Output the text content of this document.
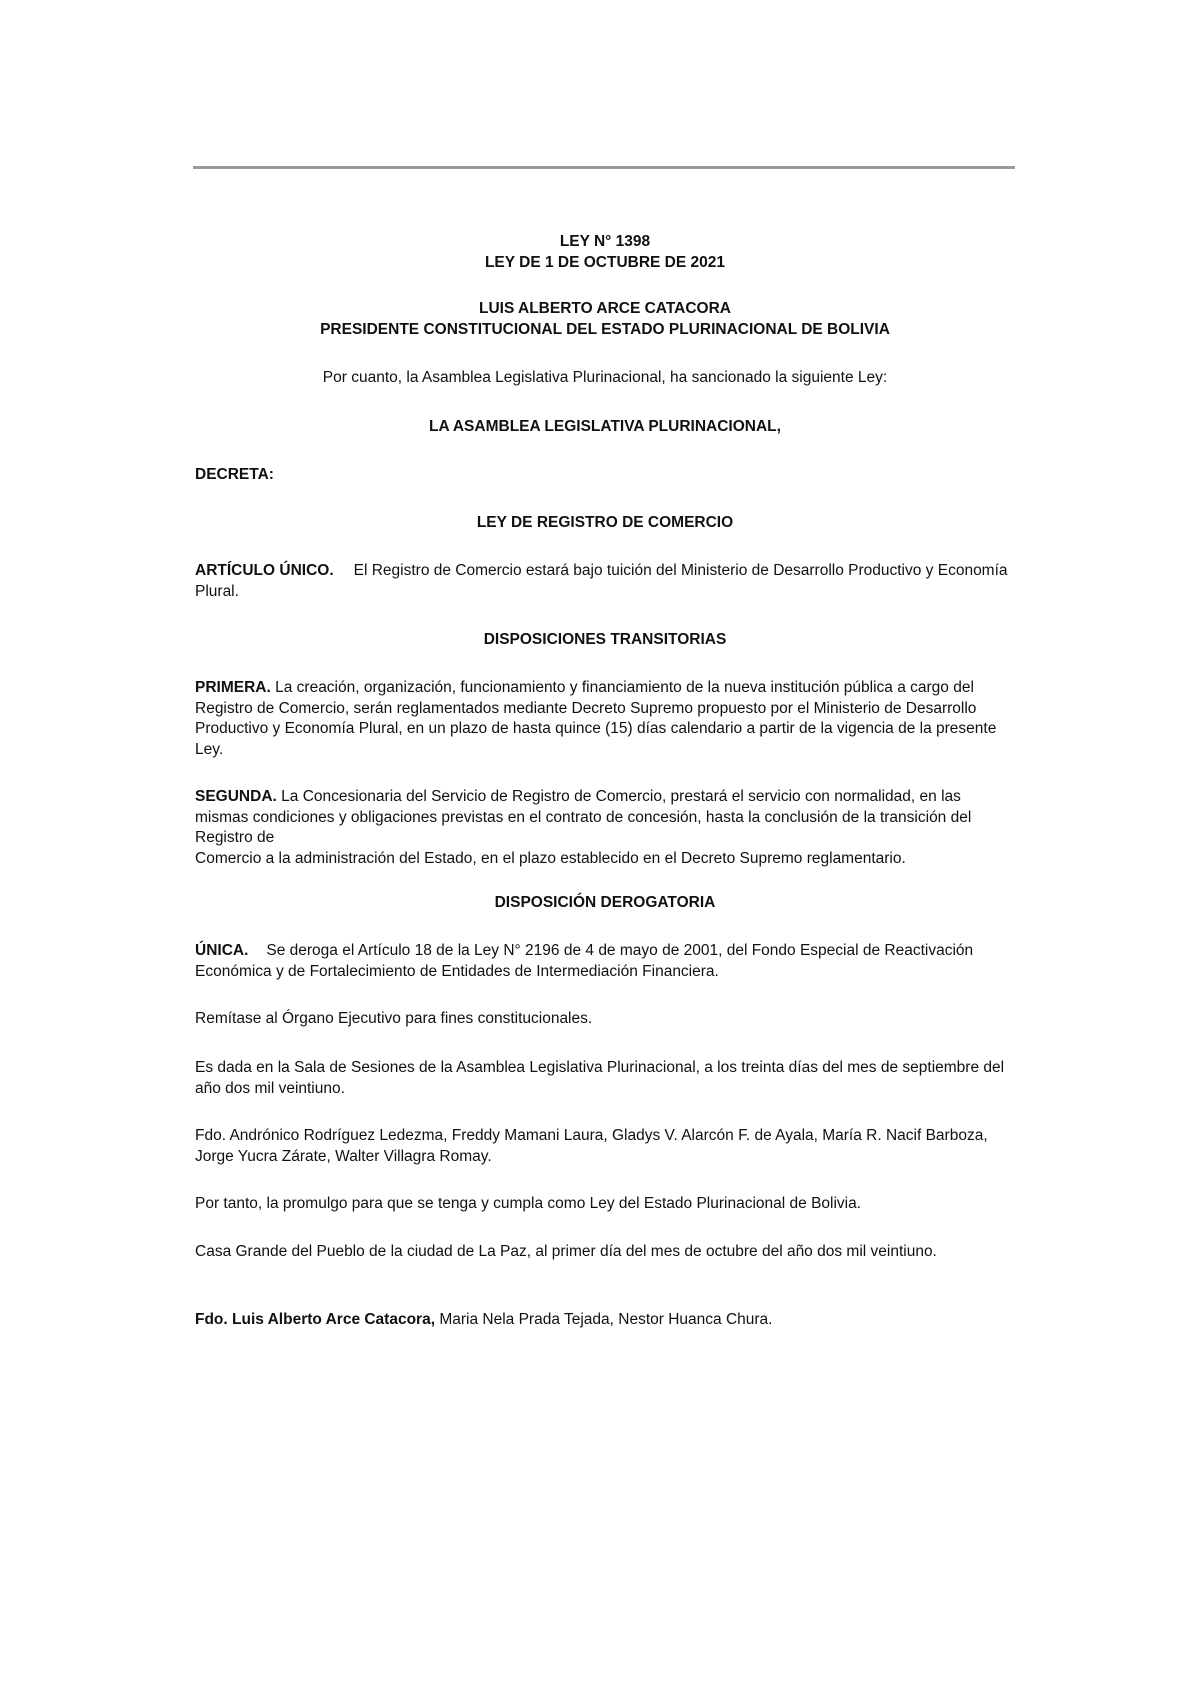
LEY N° 1398
LEY DE 1 DE OCTUBRE DE 2021
LUIS ALBERTO ARCE CATACORA
PRESIDENTE CONSTITUCIONAL DEL ESTADO PLURINACIONAL DE BOLIVIA

Por cuanto, la Asamblea Legislativa Plurinacional, ha sancionado la siguiente Ley:

LA ASAMBLEA LEGISLATIVA PLURINACIONAL,

DECRETA:

LEY DE REGISTRO DE COMERCIO

ARTÍCULO ÚNICO. El Registro de Comercio estará bajo tuición del Ministerio de Desarrollo Productivo y Economía Plural.

DISPOSICIONES TRANSITORIAS

PRIMERA. La creación, organización, funcionamiento y financiamiento de la nueva institución pública a cargo del Registro de Comercio, serán reglamentados mediante Decreto Supremo propuesto por el Ministerio de Desarrollo Productivo y Economía Plural, en un plazo de hasta quince (15) días calendario a partir de la vigencia de la presente Ley.

SEGUNDA. La Concesionaria del Servicio de Registro de Comercio, prestará el servicio con normalidad, en las mismas condiciones y obligaciones previstas en el contrato de concesión, hasta la conclusión de la transición del Registro de
Comercio a la administración del Estado, en el plazo establecido en el Decreto Supremo reglamentario.

DISPOSICIÓN DEROGATORIA

ÚNICA. Se deroga el Artículo 18 de la Ley N° 2196 de 4 de mayo de 2001, del Fondo Especial de Reactivación Económica y de Fortalecimiento de Entidades de Intermediación Financiera.

Remítase al Órgano Ejecutivo para fines constitucionales.

Es dada en la Sala de Sesiones de la Asamblea Legislativa Plurinacional, a los treinta días del mes de septiembre del año dos mil veintiuno.

Fdo. Andrónico Rodríguez Ledezma, Freddy Mamani Laura, Gladys V. Alarcón F. de Ayala, María R. Nacif Barboza, Jorge Yucra Zárate, Walter Villagra Romay.

Por tanto, la promulgo para que se tenga y cumpla como Ley del Estado Plurinacional de Bolivia.

Casa Grande del Pueblo de la ciudad de La Paz, al primer día del mes de octubre del año dos mil veintiuno.

Fdo. Luis Alberto Arce Catacora, Maria Nela Prada Tejada, Nestor Huanca Chura.
